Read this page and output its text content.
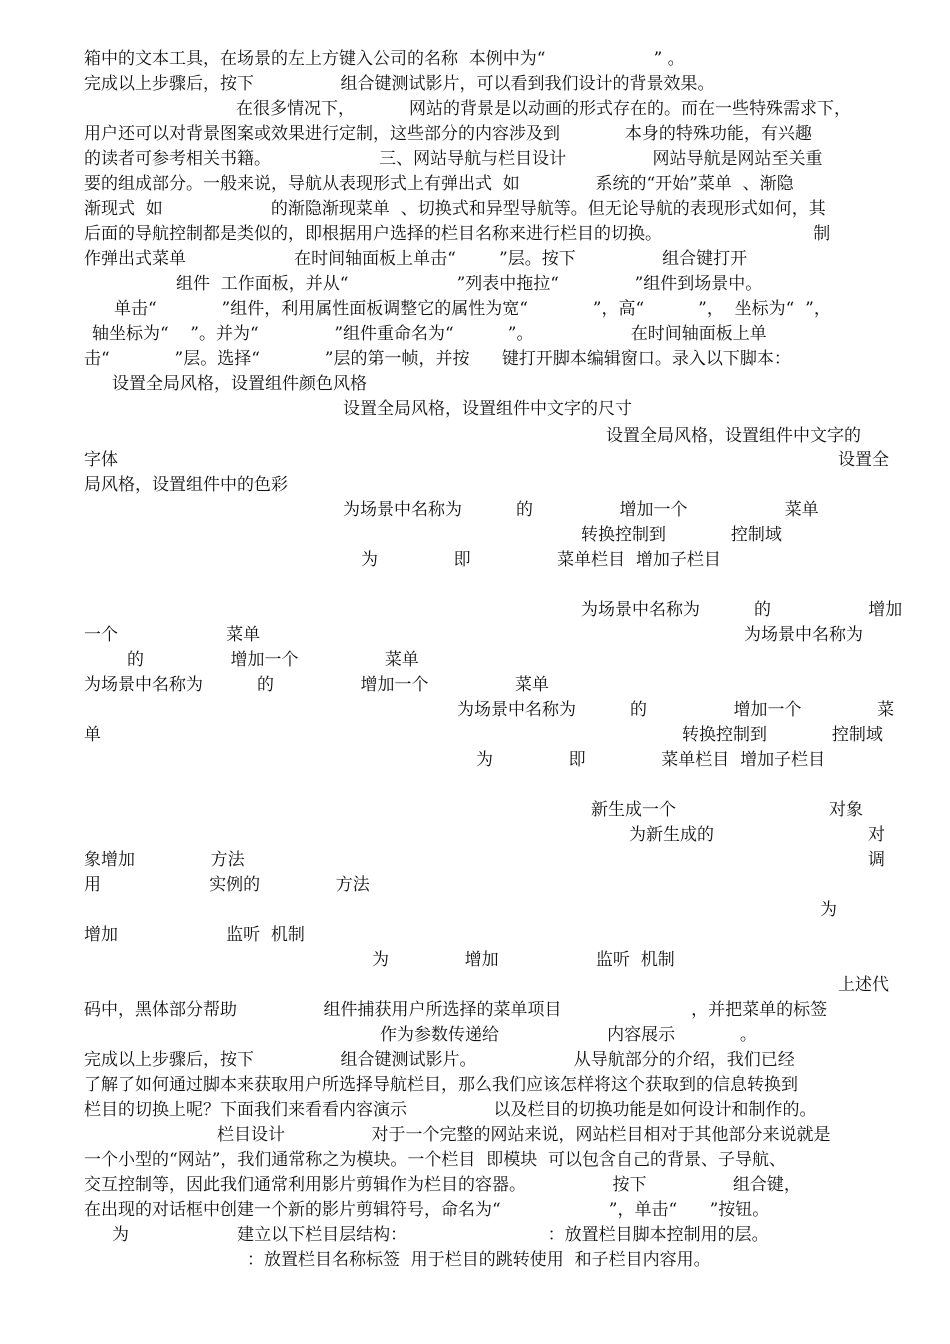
箱中的文本工具，在场景的左上方键入公司的名称  本例中为“                    ” 。
完成以上步骤后，按下                组合键测试影片，可以看到我们设计的背景效果。
在很多情况下，          网站的背景是以动画的形式存在的。而在一些特殊需求下，
用户还可以对背景图案或效果进行定制，这些部分的内容涉及到            本身的特殊功能，有兴趣
的读者可参考相关书籍。                    三、网站导航与栏目设计                网站导航是网站至关重
要的组成部分。一般来说，导航从表现形式上有弹出式  如              系统的“开始”菜单  、渐隐
渐现式  如                    的渐隐渐现菜单  、切换式和异型导航等。但无论导航的表现形式如何，其
后面的导航控制都是类似的，即根据用户选择的栏目名称来进行栏目的切换。                            制
作弹出式菜单                    在时间轴面板上单击“        ”层。按下                组合键打开
组件  工作面板，并从“                    ”列表中拖拉“              ”组件到场景中。
单击“            ”组件，利用属性面板调整它的属性为宽“            ”，高“          ”，  坐标为“  ”，
轴坐标为“    ”。并为“              ”组件重命名为“          ”。                  在时间轴面板上单
击“            ”层。选择“            ”层的第一帧，并按      键打开脚本编辑窗口。录入以下脚本：
设置全局风格，设置组件颜色风格
设置全局风格，设置组件中文字的尺寸
设置全局风格，设置组件中文字的
字体	设置全
局风格，设置组件中的色彩
为场景中名称为          的                增加一个                  菜单
转换控制到            控制域
为              即                菜单栏目  增加子栏目
为场景中名称为          的                  增加
一个                    菜单	为场景中名称为
的                增加一个                菜单
为场景中名称为          的                增加一个                菜单
为场景中名称为          的                增加一个              菜
单	转换控制到            控制域
为              即              菜单栏目  增加子栏目
新生成一个	对象
为新生成的	对
象增加              方法	调
用                    实例的              方法
为
增加                    监听  机制
为              增加                  监听  机制
上述代
码中，黑体部分帮助                组件捕获用户所选择的菜单项目                        ，并把菜单的标签
作为参数传递给                    内容展示            。
完成以上步骤后，按下                组合键测试影片。                  从导航部分的介绍，我们已经
了解了如何通过脚本来获取用户所选择导航栏目，那么我们应该怎样将这个获取到的信息转换到
栏目的切换上呢？下面我们来看看内容演示                以及栏目的切换功能是如何设计和制作的。
栏目设计                对于一个完整的网站来说，网站栏目相对于其他部分来说就是
一个小型的“网站”，我们通常称之为模块。一个栏目  即模块  可以包含自己的背景、子导航、
交互控制等，因此我们通常利用影片剪辑作为栏目的容器。                按下                组合键，
在出现的对话框中创建一个新的影片剪辑符号，命名为“                    ”，单击“      ”按钮。
为                    建立以下栏目层结构：                          ：放置栏目脚本控制用的层。
：放置栏目名称标签  用于栏目的跳转使用  和子栏目内容用。
